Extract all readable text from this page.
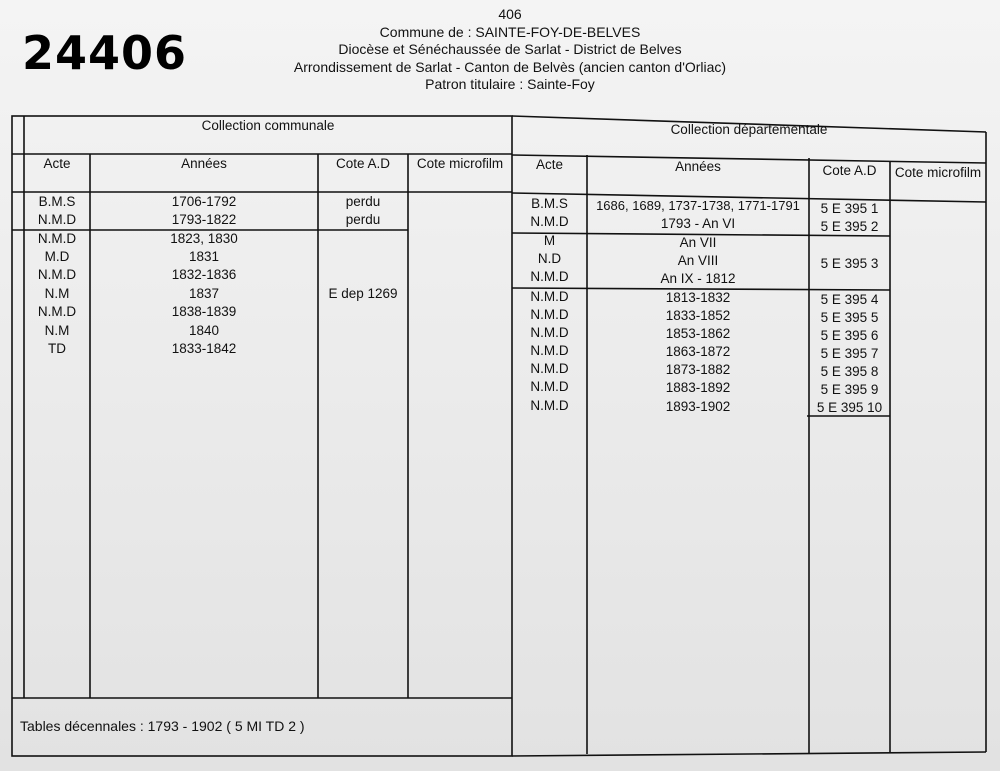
24406
406
Commune de : SAINTE-FOY-DE-BELVES
Diocèse et Sénéchaussée de Sarlat - District de Belves
Arrondissement de Sarlat - Canton de Belvès (ancien canton d'Orliac)
Patron titulaire : Sainte-Foy
Collection communale
Acte	Années	Cote A.D	Cote microfilm
B.M.S	1706-1792	perdu
N.M.D	1793-1822	perdu
N.M.D	1823, 1830
M.D	1831
N.M.D	1832-1836
N.M	1837	E dep 1269
N.M.D	1838-1839
N.M	1840
TD	1833-1842
Collection départementale
Acte	Années	Cote A.D	Cote microfilm
B.M.S	1686, 1689, 1737-1738, 1771-1791	5 E 395 1
N.M.D	1793 - An VI	5 E 395 2
M	An VII
N.D	An VIII	5 E 395 3
N.M.D	An IX - 1812
N.M.D	1813-1832	5 E 395 4
N.M.D	1833-1852	5 E 395 5
N.M.D	1853-1862	5 E 395 6
N.M.D	1863-1872	5 E 395 7
N.M.D	1873-1882	5 E 395 8
N.M.D	1883-1892	5 E 395 9
N.M.D	1893-1902	5 E 395 10
Tables décennales : 1793 - 1902 ( 5 MI TD 2 )
